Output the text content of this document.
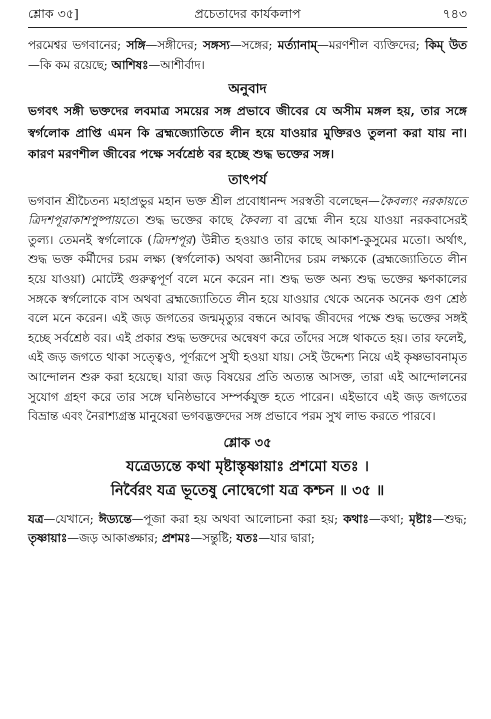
শ্লোক ৩৫]	প্রচেতাদের কার্যকলাপ	৭৪৩

পরমেশ্বর ভগবানের; সঙ্গি—সঙ্গীদের; সঙ্গস্য—সঙ্গের; মর্ত্যানাম্—মরণশীল ব্যক্তিদের; কিম্ উত—কি কম রয়েছে; আশিষঃ—আশীর্বাদ।

অনুবাদ

ভগবৎ সঙ্গী ভক্তদের লবমাত্র সময়ের সঙ্গ প্রভাবে জীবের যে অসীম মঙ্গল হয়, তার সঙ্গে স্বর্গলোক প্রাপ্তি এমন কি ব্রহ্মজ্যোতিতে লীন হয়ে যাওয়ার মুক্তিরও তুলনা করা যায় না। কারণ মরণশীল জীবের পক্ষে সর্বশ্রেষ্ঠ বর হচ্ছে শুদ্ধ ভক্তের সঙ্গ।

তাৎপর্য

ভগবান শ্রীচৈতন্য মহাপ্রভুর মহান ভক্ত শ্রীল প্রবোধানন্দ সরস্বতী বলেছেন—কৈবল্যং নরকায়তে ত্রিদশপূরাকাশপুষ্পায়তে। শুদ্ধ ভক্তের কাছে কৈবল্য বা ব্রহ্মে লীন হয়ে যাওয়া নরকবাসেরই তুল্য। তেমনই স্বর্গলোকে (ত্রিদশপূর) উন্নীত হওয়াও তার কাছে আকাশ-কুসুমের মতো। অর্থাৎ, শুদ্ধ ভক্ত কর্মীদের চরম লক্ষ্য (স্বর্গলোক) অথবা জ্ঞানীদের চরম লক্ষ্যকে (ব্রহ্মজ্যোতিতে লীন হয়ে যাওয়া) মোটেই গুরুত্বপূর্ণ বলে মনে করেন না। শুদ্ধ ভক্ত অন্য শুদ্ধ ভক্তের ক্ষণকালের সঙ্গকে স্বর্গলোকে বাস অথবা ব্রহ্মজ্যোতিতে লীন হয়ে যাওয়ার থেকে অনেক অনেক গুণ শ্রেষ্ঠ বলে মনে করেন। এই জড় জগতের জন্মমৃত্যুর বন্ধনে আবদ্ধ জীবদের পক্ষে শুদ্ধ ভক্তের সঙ্গই হচ্ছে সর্বশ্রেষ্ঠ বর। এই প্রকার শুদ্ধ ভক্তদের অন্বেষণ করে তাঁদের সঙ্গে থাকতে হয়। তার ফলেই, এই জড় জগতে থাকা সত্ত্বেও, পূর্ণরূপে সুখী হওয়া যায়। সেই উদ্দেশ্য নিয়ে এই কৃষ্ণভাবনামৃত আন্দোলন শুরু করা হয়েছে। যারা জড় বিষয়ের প্রতি অত্যন্ত আসক্ত, তারা এই আন্দোলনের সুযোগ গ্রহণ করে তার সঙ্গে ঘনিষ্ঠভাবে সম্পর্কযুক্ত হতে পারেন। এইভাবে এই জড় জগতের বিভ্রান্ত এবং নৈরাশ্যগ্রস্ত মানুষেরা ভগবদ্ভক্তদের সঙ্গ প্রভাবে পরম সুখ লাভ করতে পারবে।

শ্লোক ৩৫
যত্রেড্যন্তে কথা মৃষ্টাস্তৃষ্ণায়াঃ প্রশমো যতঃ ।
নির্বৈরং যত্র ভূতেষু নোদ্বেগো যত্র কশ্চন ॥ ৩৫ ॥

যত্র—যেখানে; ঈড্যন্তে—পূজা করা হয় অথবা আলোচনা করা হয়; কথাঃ—কথা; মৃষ্টাঃ—শুদ্ধ; তৃষ্ণায়াঃ—জড় আকাঙ্ক্ষার; প্রশমঃ—সন্তুষ্টি; যতঃ—যার দ্বারা;
